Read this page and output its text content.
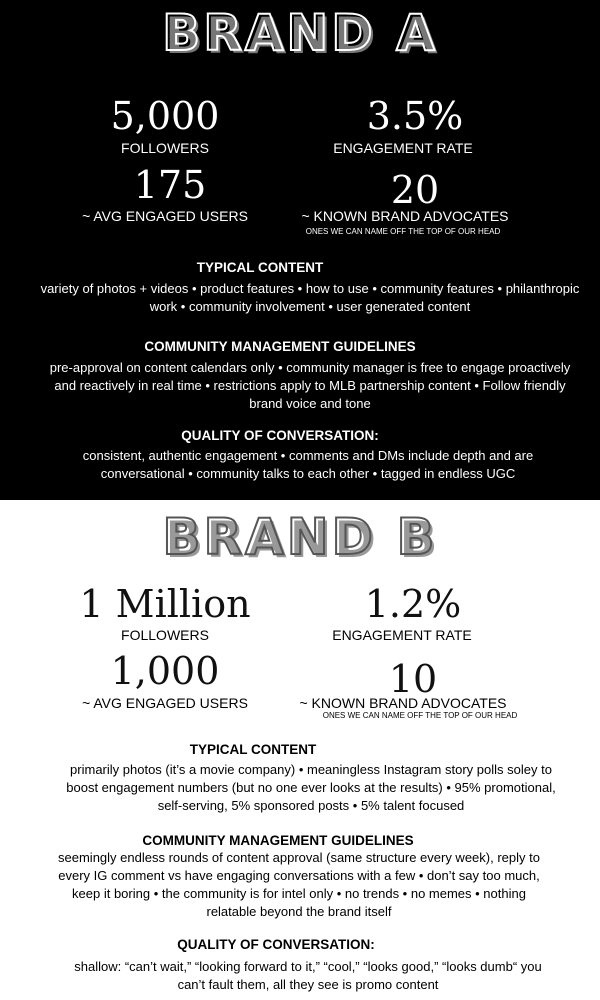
BRAND A
5,000
FOLLOWERS
3.5%
ENGAGEMENT RATE
175
~ AVG ENGAGED USERS
20
~ KNOWN BRAND ADVOCATES
ONES WE CAN NAME OFF THE TOP OF OUR HEAD
TYPICAL CONTENT
variety of photos + videos • product features • how to use • community features • philanthropic work • community involvement • user generated content
COMMUNITY MANAGEMENT GUIDELINES
pre-approval on content calendars only • community manager is free to engage proactively and reactively in real time • restrictions apply to MLB partnership content • Follow friendly brand voice and tone
QUALITY OF CONVERSATION:
consistent, authentic engagement • comments and DMs include depth and are conversational • community talks to each other • tagged in endless UGC
BRAND B
1 Million
FOLLOWERS
1.2%
ENGAGEMENT RATE
1,000
~ AVG ENGAGED USERS
10
~ KNOWN BRAND ADVOCATES
ONES WE CAN NAME OFF THE TOP OF OUR HEAD
TYPICAL CONTENT
primarily photos (it’s a movie company) • meaningless Instagram story polls soley to boost engagement numbers (but no one ever looks at the results) • 95% promotional, self-serving, 5% sponsored posts • 5% talent focused
COMMUNITY MANAGEMENT GUIDELINES
seemingly endless rounds of content approval (same structure every week), reply to every IG comment vs have engaging conversations with a few • don’t say too much, keep it boring • the community is for intel only • no trends • no memes • nothing relatable beyond the brand itself
QUALITY OF CONVERSATION:
shallow: “can’t wait,” “looking forward to it,” “cool,” “looks good,” “looks dumb“ you can’t fault them, all they see is promo content
